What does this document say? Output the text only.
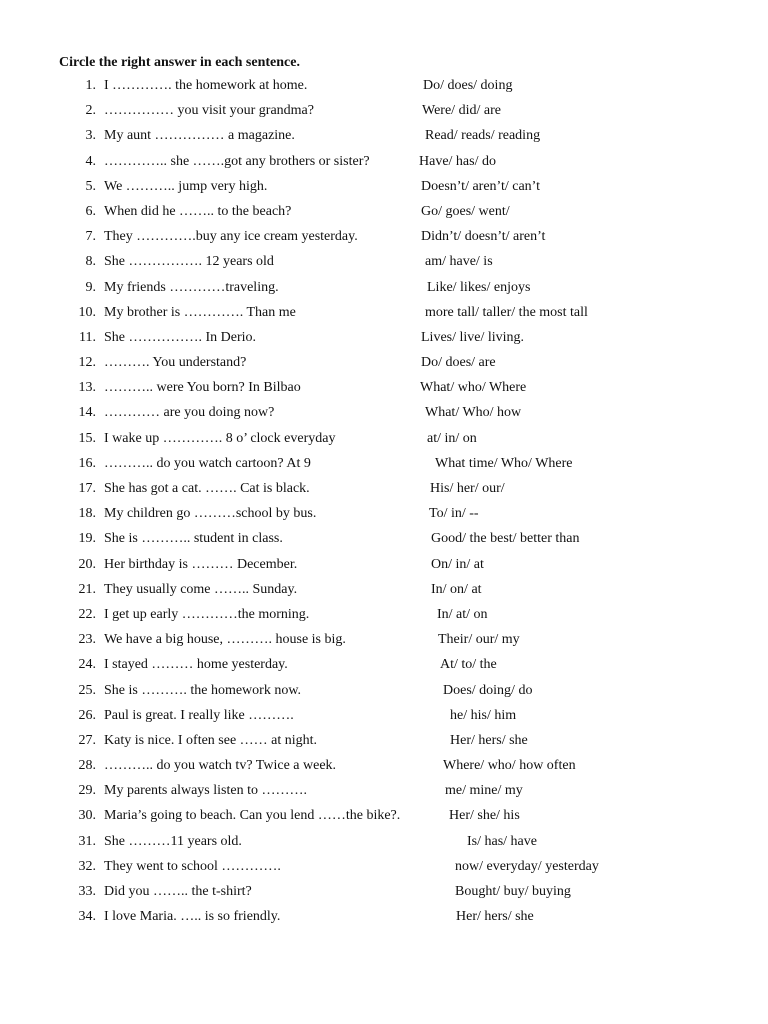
Circle the right answer in each sentence.
1. I …………. the homework at home.	Do/ does/ doing
2. …………… you visit your grandma?	Were/ did/ are
3. My aunt …………… a magazine.	Read/ reads/ reading
4. ………….. she …….got any brothers or sister?	Have/ has/ do
5. We ……….. jump very high.	Doesn’t/ aren’t/ can’t
6. When did he …….. to the beach?	Go/ goes/ went/
7. They ………….buy any ice cream yesterday.	Didn’t/ doesn’t/ aren’t
8. She ……………. 12 years old	am/ have/ is
9. My friends …………traveling.	Like/ likes/ enjoys
10. My brother is …………. Than me	more tall/ taller/ the most tall
11. She ……………. In Derio.	Lives/ live/ living.
12. ………. You understand?	Do/ does/ are
13. ……….. were You born? In Bilbao	What/ who/ Where
14. ………… are you doing now?	What/ Who/ how
15. I wake up …………. 8 o’ clock everyday	at/ in/ on
16. ……….. do you watch cartoon? At 9	What time/ Who/ Where
17. She has got a cat. ……. Cat is black.	His/ her/ our/
18. My children go ………school by bus.	To/ in/ --
19. She is ……….. student in class.	Good/ the best/ better than
20. Her birthday is ……… December.	On/ in/ at
21. They usually come …….. Sunday.	In/ on/ at
22. I get up early …………the morning.	In/ at/ on
23. We have a big house, ………. house is big.	Their/ our/ my
24. I stayed ……… home yesterday.	At/ to/ the
25. She is ………. the homework now.	Does/ doing/ do
26. Paul is great. I really like ……….	he/ his/ him
27. Katy is nice. I often see …… at night.	Her/ hers/ she
28. ……….. do you watch tv? Twice a week.	Where/ who/ how often
29. My parents always listen to ……….	me/ mine/ my
30. Maria’s going to beach. Can you lend ……the bike?.	Her/ she/ his
31. She ………11 years old.	Is/ has/ have
32. They went to school ………….	now/ everyday/ yesterday
33. Did you …….. the t-shirt?	Bought/ buy/ buying
34. I love Maria. ….. is so friendly.	Her/ hers/ she
